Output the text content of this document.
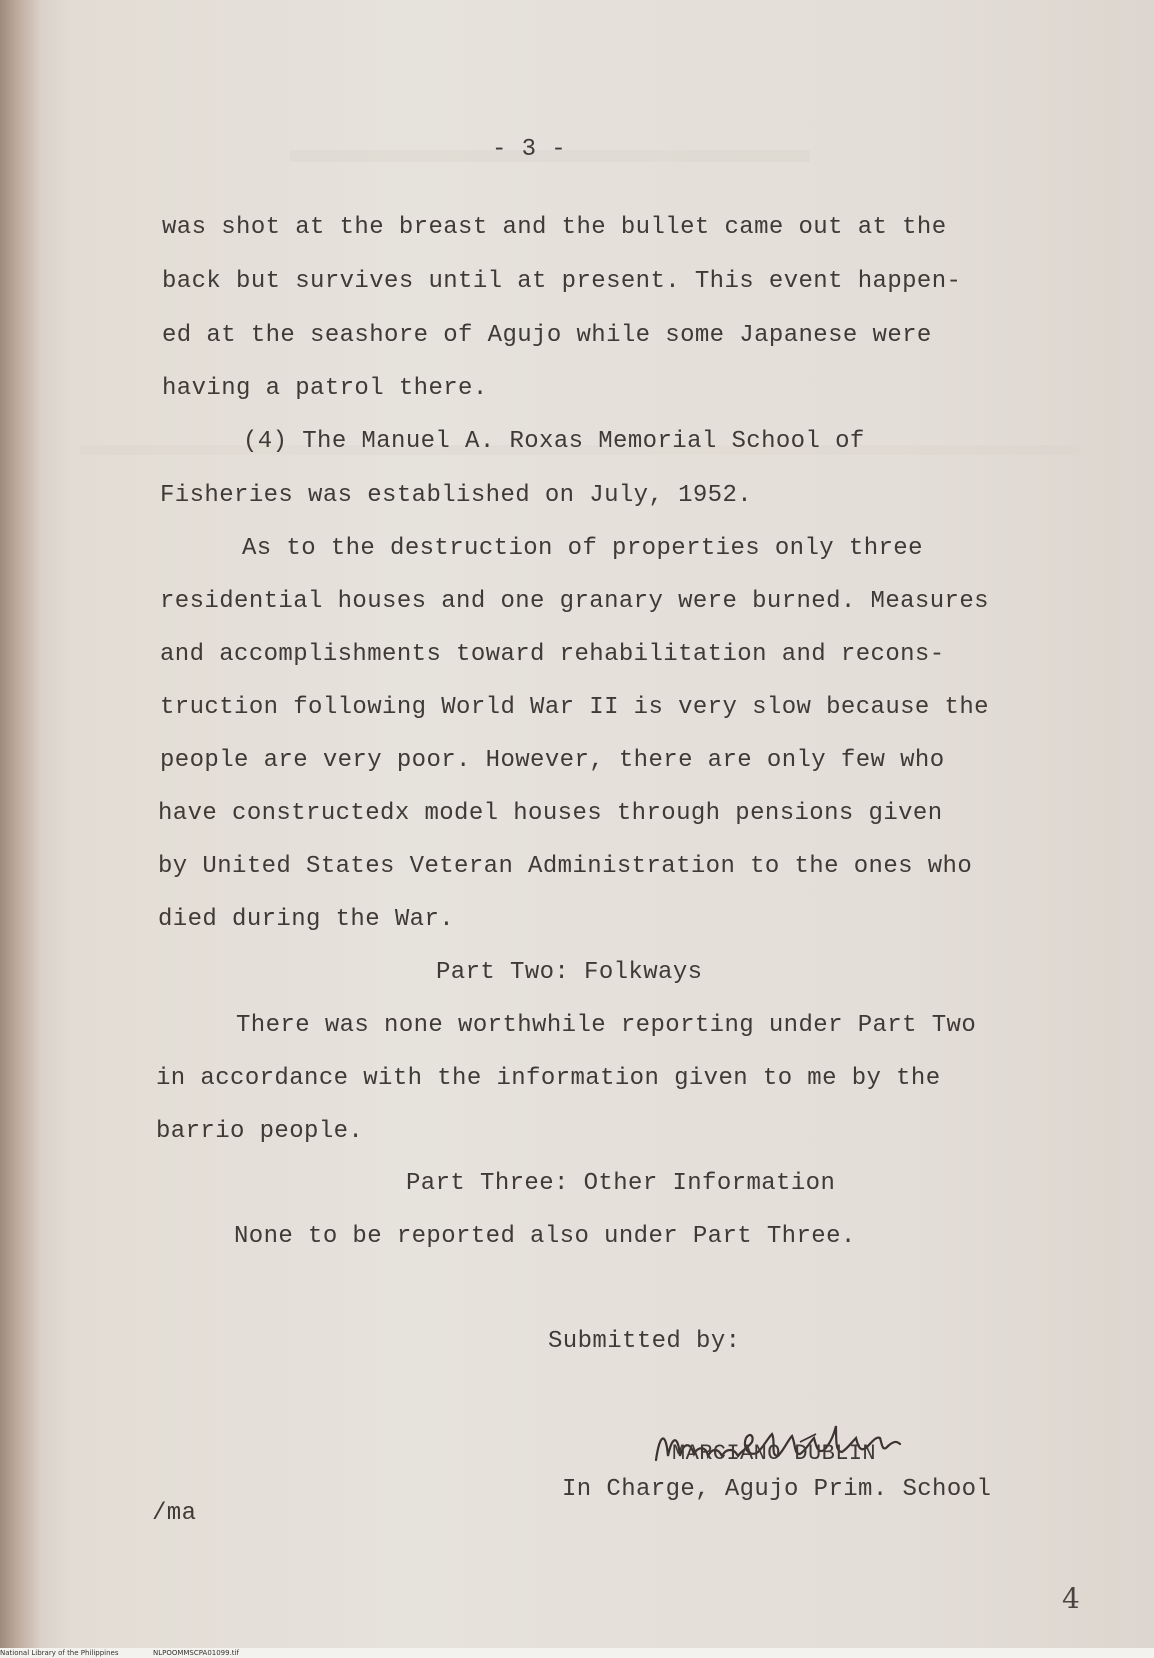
- 3 -
was shot at the breast and the bullet came out at the
back but survives until at present. This event happen-
ed at the seashore of Agujo while some Japanese were
having a patrol there.
(4) The Manuel A. Roxas Memorial School of
Fisheries was established on July, 1952.
As to the destruction of properties only three
residential houses and one granary were burned. Measures
and accomplishments toward rehabilitation and recons-
truction following World War II is very slow because the
people are very poor. However, there are only few who
have constructedx model houses through pensions given
by United States Veteran Administration to the ones who
died during the War.
Part Two: Folkways
There was none worthwhile reporting under Part Two
in accordance with the information given to me by the
barrio people.
Part Three: Other Information
None to be reported also under Part Three.
Submitted by:
MARCIANO DUBLIN
In Charge, Agujo Prim. School
/ma
4
National Library of the Philippines	NLPOOMMSCPA01099.tif
